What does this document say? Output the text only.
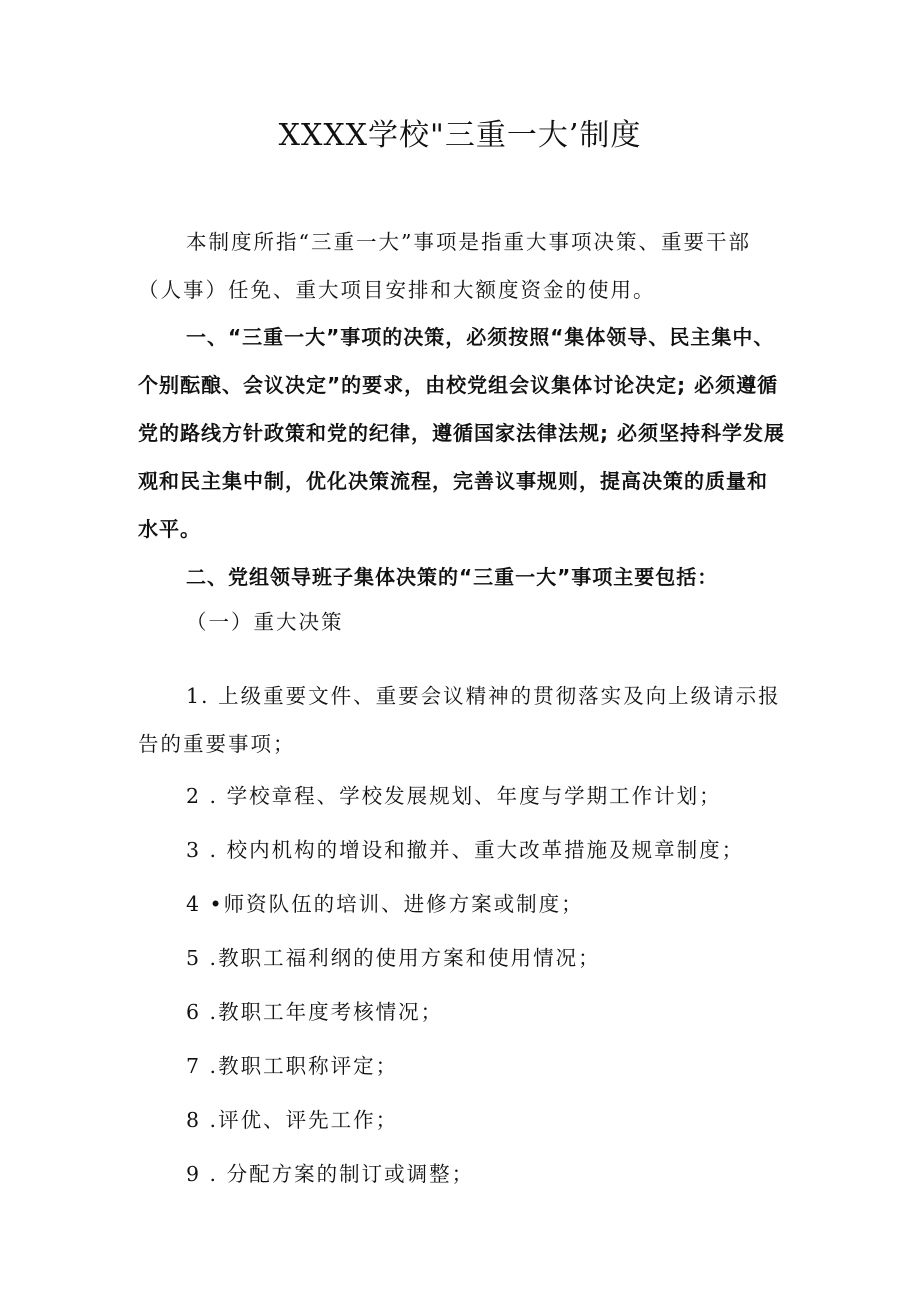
XXXX学校"三重一大’制度

本制度所指“三重一大”事项是指重大事项决策、重要干部（人事）任免、重大项目安排和大额度资金的使用。

一、“三重一大”事项的决策，必须按照“集体领导、民主集中、个别酝酿、会议决定”的要求，由校党组会议集体讨论决定; 必须遵循党的路线方针政策和党的纪律，遵循国家法律法规; 必须坚持科学发展观和民主集中制，优化决策流程，完善议事规则，提高决策的质量和水平。

二、党组领导班子集体决策的“三重一大”事项主要包括：

（一）重大决策

1. 上级重要文件、重要会议精神的贯彻落实及向上级请示报告的重要事项；

2 . 学校章程、学校发展规划、年度与学期工作计划；

3 . 校内机构的增设和撤并、重大改革措施及规章制度；

4 •师资队伍的培训、进修方案或制度；

5 .教职工福利纲的使用方案和使用情况；

6 .教职工年度考核情况；

7 .教职工职称评定；

8 .评优、评先工作；

9 . 分配方案的制订或调整；
